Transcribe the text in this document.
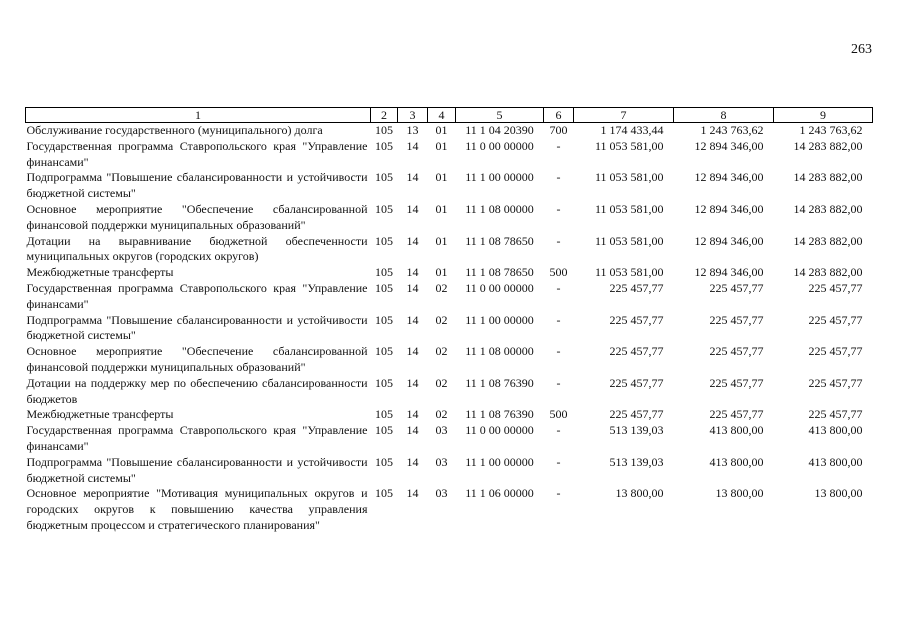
263
1	2	3	4	5	6	7	8	9
Обслуживание государственного (муниципального) долга	105	13	01	11 1 04 20390	700	1 174 433,44	1 243 763,62	1 243 763,62
Государственная программа Ставропольского края "Управление финансами"	105	14	01	11 0 00 00000	-	11 053 581,00	12 894 346,00	14 283 882,00
Подпрограмма "Повышение сбалансированности и устойчивости бюджетной системы"	105	14	01	11 1 00 00000	-	11 053 581,00	12 894 346,00	14 283 882,00
Основное мероприятие "Обеспечение сбалансированной финансовой поддержки муниципальных образований"	105	14	01	11 1 08 00000	-	11 053 581,00	12 894 346,00	14 283 882,00
Дотации на выравнивание бюджетной обеспеченности муниципальных округов (городских округов)	105	14	01	11 1 08 78650	-	11 053 581,00	12 894 346,00	14 283 882,00
Межбюджетные трансферты	105	14	01	11 1 08 78650	500	11 053 581,00	12 894 346,00	14 283 882,00
Государственная программа Ставропольского края "Управление финансами"	105	14	02	11 0 00 00000	-	225 457,77	225 457,77	225 457,77
Подпрограмма "Повышение сбалансированности и устойчивости бюджетной системы"	105	14	02	11 1 00 00000	-	225 457,77	225 457,77	225 457,77
Основное мероприятие "Обеспечение сбалансированной финансовой поддержки муниципальных образований"	105	14	02	11 1 08 00000	-	225 457,77	225 457,77	225 457,77
Дотации на поддержку мер по обеспечению сбалансированности бюджетов	105	14	02	11 1 08 76390	-	225 457,77	225 457,77	225 457,77
Межбюджетные трансферты	105	14	02	11 1 08 76390	500	225 457,77	225 457,77	225 457,77
Государственная программа Ставропольского края "Управление финансами"	105	14	03	11 0 00 00000	-	513 139,03	413 800,00	413 800,00
Подпрограмма "Повышение сбалансированности и устойчивости бюджетной системы"	105	14	03	11 1 00 00000	-	513 139,03	413 800,00	413 800,00
Основное мероприятие "Мотивация муниципальных округов и городских округов к повышению качества управления бюджетным процессом и стратегического планирования"	105	14	03	11 1 06 00000	-	13 800,00	13 800,00	13 800,00
